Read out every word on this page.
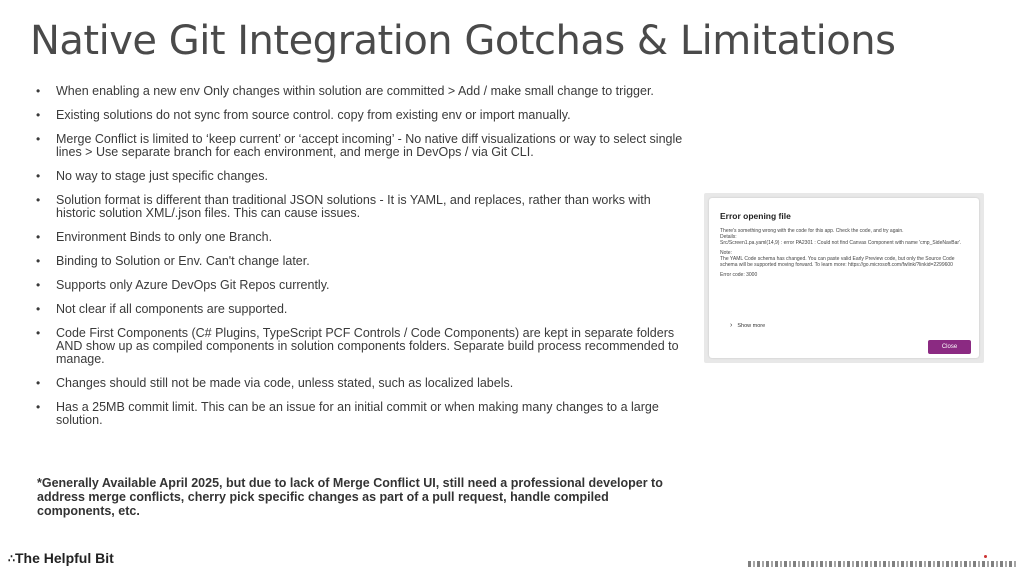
Native Git Integration Gotchas & Limitations
• When enabling a new env Only changes within solution are committed > Add / make small change to trigger.
• Existing solutions do not sync from source control. copy from existing env or import manually.
• Merge Conflict is limited to ‘keep current’ or ‘accept incoming’ - No native diff visualizations or way to select single lines > Use separate branch for each environment, and merge in DevOps / via Git CLI.
• No way to stage just specific changes.
• Solution format is different than traditional JSON solutions - It is YAML, and replaces, rather than works with historic solution XML/.json files. This can cause issues.
• Environment Binds to only one Branch.
• Binding to Solution or Env. Can't change later.
• Supports only Azure DevOps Git Repos currently.
• Not clear if all components are supported.
• Code First Components (C# Plugins, TypeScript PCF Controls / Code Components) are kept in separate folders AND show up as compiled components in solution components folders. Separate build process recommended to manage.
• Changes should still not be made via code, unless stated, such as localized labels.
• Has a 25MB commit limit. This can be an issue for an initial commit or when making many changes to a large solution.
*Generally Available April 2025, but due to lack of Merge Conflict UI, still need a professional developer to address merge conflicts, cherry pick specific changes as part of a pull request, handle compiled components, etc.
Error opening file

There's something wrong with the code for this app. Check the code, and try again.
Details:
Src/Screen1.pa.yaml(14,9) : error PA2301 : Could not find Canvas Component with name 'cmp_SideNavBar'.

Note:
The YAML Code schema has changed. You can paste valid Early Preview code, but only the Source Code schema will be supported moving forward. To learn more: https://go.microsoft.com/fwlink/?linkid=2299600

Error code: 3000

› Show more
Close
∴ The Helpful Bit
